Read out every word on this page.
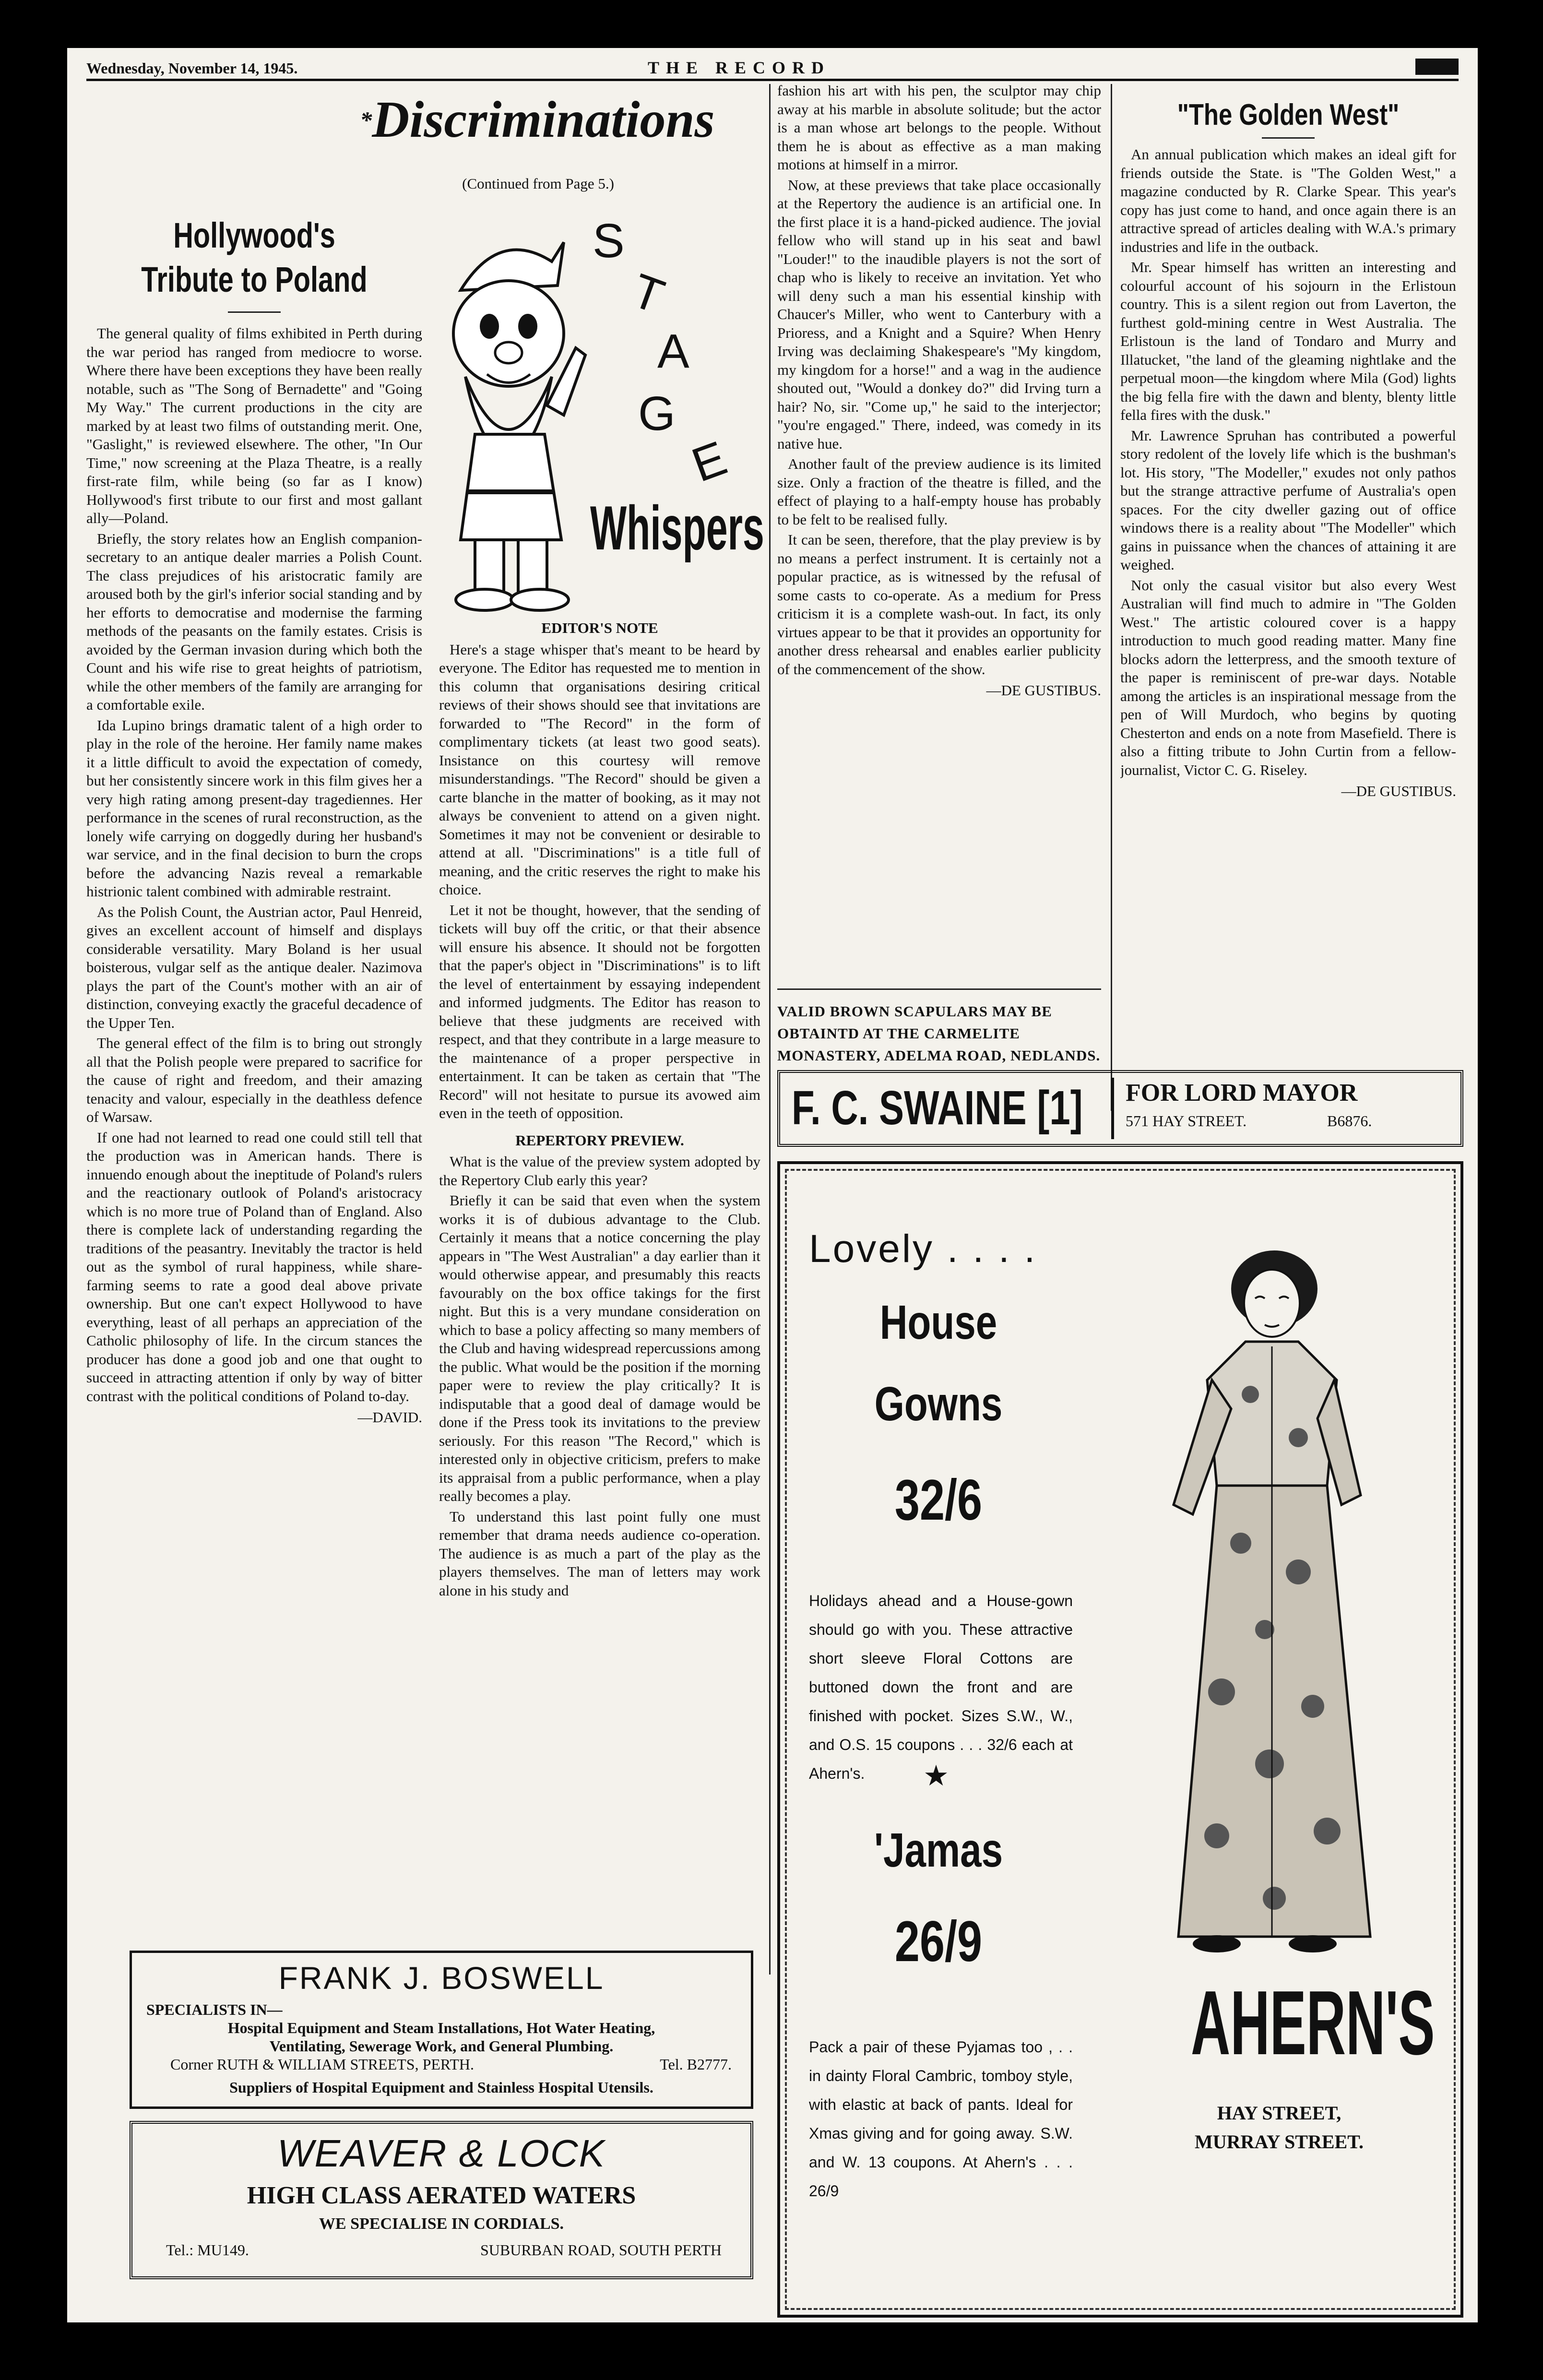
Wednesday, November 14, 1945.	THE RECORD
*Discriminations
(Continued from Page 5.)
Hollywood's Tribute to Poland

The general quality of films exhibited in Perth during the war period has ranged from mediocre to worse. Where there have been exceptions they have been really notable, such as "The Song of Bernadette" and "Going My Way." The current productions in the city are marked by at least two films of outstanding merit. One, "Gaslight," is reviewed elsewhere. The other, "In Our Time," now screening at the Plaza Theatre, is a really first-rate film, while being (so far as I know) Hollywood's first tribute to our first and most gallant ally—Poland.

Briefly, the story relates how an English companion-secretary to an antique dealer marries a Polish Count. The class prejudices of his aristocratic family are aroused both by the girl's inferior social standing and by her efforts to democratise and modernise the farming methods of the peasants on the family estates. Crisis is avoided by the German invasion during which both the Count and his wife rise to great heights of patriotism, while the other members of the family are arranging for a comfortable exile.

Ida Lupino brings dramatic talent of a high order to play in the role of the heroine. Her family name makes it a little difficult to avoid the expectation of comedy, but her consistently sincere work in this film gives her a very high rating among present-day tragediennes. Her performance in the scenes of rural reconstruction, as the lonely wife carrying on doggedly during her husband's war service, and in the final decision to burn the crops before the advancing Nazis reveal a remarkable histrionic talent combined with admirable restraint.

As the Polish Count, the Austrian actor, Paul Henreid, gives an excellent account of himself and displays considerable versatility. Mary Boland is her usual boisterous, vulgar self as the antique dealer. Nazimova plays the part of the Count's mother with an air of distinction, conveying exactly the graceful decadence of the Upper Ten.

The general effect of the film is to bring out strongly all that the Polish people were prepared to sacrifice for the cause of right and freedom, and their amazing tenacity and valour, especially in the deathless defence of Warsaw.

If one had not learned to read one could still tell that the production was in American hands. There is innuendo enough about the ineptitude of Poland's rulers and the reactionary outlook of Poland's aristocracy which is no more true of Poland than of England. Also there is complete lack of understanding regarding the traditions of the peasantry. Inevitably the tractor is held out as the symbol of rural happiness, while share-farming seems to rate a good deal above private ownership. But one can't expect Hollywood to have everything, least of all perhaps an appreciation of the Catholic philosophy of life. In the circum stances the producer has done a good job and one that ought to succeed in attracting attention if only by way of bitter contrast with the political conditions of Poland to-day.

—DAVID.
S
T
A
G
E
Whispers
EDITOR'S NOTE

Here's a stage whisper that's meant to be heard by everyone. The Editor has requested me to mention in this column that organisations desiring critical reviews of their shows should see that invitations are forwarded to "The Record" in the form of complimentary tickets (at least two good seats). Insistance on this courtesy will remove misunderstandings. "The Record" should be given a carte blanche in the matter of booking, as it may not always be convenient to attend on a given night. Sometimes it may not be convenient or desirable to attend at all. "Discriminations" is a title full of meaning, and the critic reserves the right to make his choice.

Let it not be thought, however, that the sending of tickets will buy off the critic, or that their absence will ensure his absence. It should not be forgotten that the paper's object in "Discriminations" is to lift the level of entertainment by essaying independent and informed judgments. The Editor has reason to believe that these judgments are received with respect, and that they contribute in a large measure to the maintenance of a proper perspective in entertainment. It can be taken as certain that "The Record" will not hesitate to pursue its avowed aim even in the teeth of opposition.

REPERTORY PREVIEW.

What is the value of the preview system adopted by the Repertory Club early this year?

Briefly it can be said that even when the system works it is of dubious advantage to the Club. Certainly it means that a notice concerning the play appears in "The West Australian" a day earlier than it would otherwise appear, and presumably this reacts favourably on the box office takings for the first night. But this is a very mundane consideration on which to base a policy affecting so many members of the Club and having widespread repercussions among the public. What would be the position if the morning paper were to review the play critically? It is indisputable that a good deal of damage would be done if the Press took its invitations to the preview seriously. For this reason "The Record," which is interested only in objective criticism, prefers to make its appraisal from a public performance, when a play really becomes a play.

To understand this last point fully one must remember that drama needs audience co-operation. The audience is as much a part of the play as the players themselves. The man of letters may work alone in his study and

fashion his art with his pen, the sculptor may chip away at his marble in absolute solitude; but the actor is a man whose art belongs to the people. Without them he is about as effective as a man making motions at himself in a mirror.

Now, at these previews that take place occasionally at the Repertory the audience is an artificial one. In the first place it is a hand-picked audience. The jovial fellow who will stand up in his seat and bawl "Louder!" to the inaudible players is not the sort of chap who is likely to receive an invitation. Yet who will deny such a man his essential kinship with Chaucer's Miller, who went to Canterbury with a Prioress, and a Knight and a Squire? When Henry Irving was declaiming Shakespeare's "My kingdom, my kingdom for a horse!" and a wag in the audience shouted out, "Would a donkey do?" did Irving turn a hair? No, sir. "Come up," he said to the interjector; "you're engaged." There, indeed, was comedy in its native hue.

Another fault of the preview audience is its limited size. Only a fraction of the theatre is filled, and the effect of playing to a half-empty house has probably to be felt to be realised fully.

It can be seen, therefore, that the play preview is by no means a perfect instrument. It is certainly not a popular practice, as is witnessed by the refusal of some casts to co-operate. As a medium for Press criticism it is a complete wash-out. In fact, its only virtues appear to be that it provides an opportunity for another dress rehearsal and enables earlier publicity of the commencement of the show.

—DE GUSTIBUS.
VALID BROWN SCAPULARS MAY BE OBTAINTD AT THE CARMELITE MONASTERY, ADELMA ROAD, NEDLANDS.
"The Golden West"

An annual publication which makes an ideal gift for friends outside the State. is "The Golden West," a magazine conducted by R. Clarke Spear. This year's copy has just come to hand, and once again there is an attractive spread of articles dealing with W.A.'s primary industries and life in the outback.

Mr. Spear himself has written an interesting and colourful account of his sojourn in the Erlistoun country. This is a silent region out from Laverton, the furthest gold-mining centre in West Australia. The Erlistoun is the land of Tondaro and Murry and Illatucket, "the land of the gleaming nightlake and the perpetual moon—the kingdom where Mila (God) lights the big fella fire with the dawn and blenty, blenty little fella fires with the dusk."

Mr. Lawrence Spruhan has contributed a powerful story redolent of the lovely life which is the bushman's lot. His story, "The Modeller," exudes not only pathos but the strange attractive perfume of Australia's open spaces. For the city dweller gazing out of office windows there is a reality about "The Modeller" which gains in puissance when the chances of attaining it are weighed.

Not only the casual visitor but also every West Australian will find much to admire in "The Golden West." The artistic coloured cover is a happy introduction to much good reading matter. Many fine blocks adorn the letterpress, and the smooth texture of the paper is reminiscent of pre-war days. Notable among the articles is an inspirational message from the pen of Will Murdoch, who begins by quoting Chesterton and ends on a note from Masefield. There is also a fitting tribute to John Curtin from a fellow-journalist, Victor C. G. Riseley.

—DE GUSTIBUS.
F. C. SWAINE [1] FOR LORD MAYOR
571 HAY STREET.	B6876.
Lovely . . . .
House
Gowns
32/6
Holidays ahead and a House-gown should go with you. These attractive short sleeve Floral Cottons are buttoned down the front and are finished with pocket. Sizes S.W., W., and O.S. 15 coupons . . . 32/6 each at Ahern's.	★
'Jamas
26/9
Pack a pair of these Pyjamas too , . . in dainty Floral Cambric, tomboy style, with elastic at back of pants. Ideal for Xmas giving and for going away. S.W. and W. 13 coupons. At Ahern's . . . 26/9
AHERN'S
HAY STREET,
MURRAY STREET.
FRANK J. BOSWELL
SPECIALISTS IN—
Hospital Equipment and Steam Installations, Hot Water Heating,
Ventilating, Sewerage Work, and General Plumbing.
Corner RUTH & WILLIAM STREETS, PERTH.	Tel. B2777.
Suppliers of Hospital Equipment and Stainless Hospital Utensils.
WEAVER & LOCK
HIGH CLASS AERATED WATERS
WE SPECIALISE IN CORDIALS.
Tel.: MU149.	SUBURBAN ROAD, SOUTH PERTH
